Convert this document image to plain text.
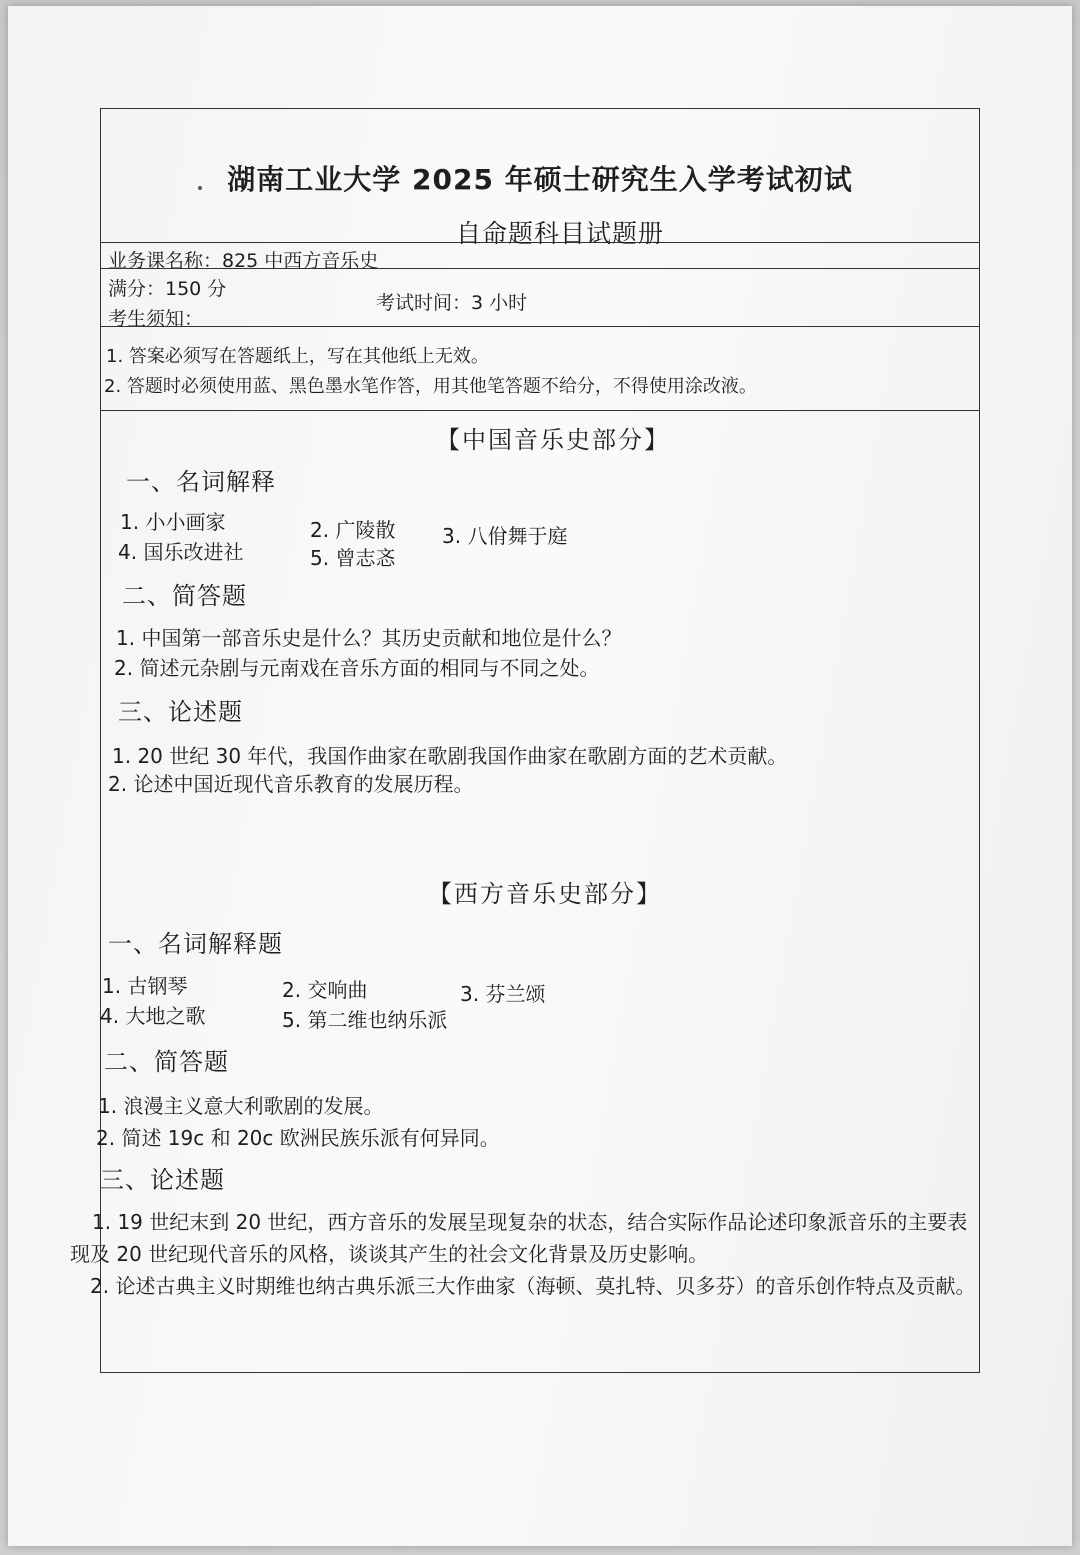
湖南工业大学 2025 年硕士研究生入学考试初试
自命题科目试题册
业务课名称：825 中西方音乐史
满分：150 分
考试时间：3 小时
考生须知：
1. 答案必须写在答题纸上，写在其他纸上无效。
2. 答题时必须使用蓝、黑色墨水笔作答，用其他笔答题不给分，不得使用涂改液。
【中国音乐史部分】
一、名词解释
1. 小小画家	2. 广陵散 3. 八佾舞于庭
4. 国乐改进社	5. 曾志忞
二、简答题
1. 中国第一部音乐史是什么？其历史贡献和地位是什么？
2. 简述元杂剧与元南戏在音乐方面的相同与不同之处。
三、论述题
1. 20 世纪 30 年代，我国作曲家在歌剧我国作曲家在歌剧方面的艺术贡献。
2. 论述中国近现代音乐教育的发展历程。
【西方音乐史部分】
一、名词解释题
1. 古钢琴	2. 交响曲	3. 芬兰颂
4. 大地之歌	5. 第二维也纳乐派
二、简答题
1. 浪漫主义意大利歌剧的发展。
2. 简述 19c 和 20c 欧洲民族乐派有何异同。
三、论述题
1. 19 世纪末到 20 世纪，西方音乐的发展呈现复杂的状态，结合实际作品论述印象派音乐的主要表现及 20 世纪现代音乐的风格，谈谈其产生的社会文化背景及历史影响。
2. 论述古典主义时期维也纳古典乐派三大作曲家（海顿、莫扎特、贝多芬）的音乐创作特点及贡献。
